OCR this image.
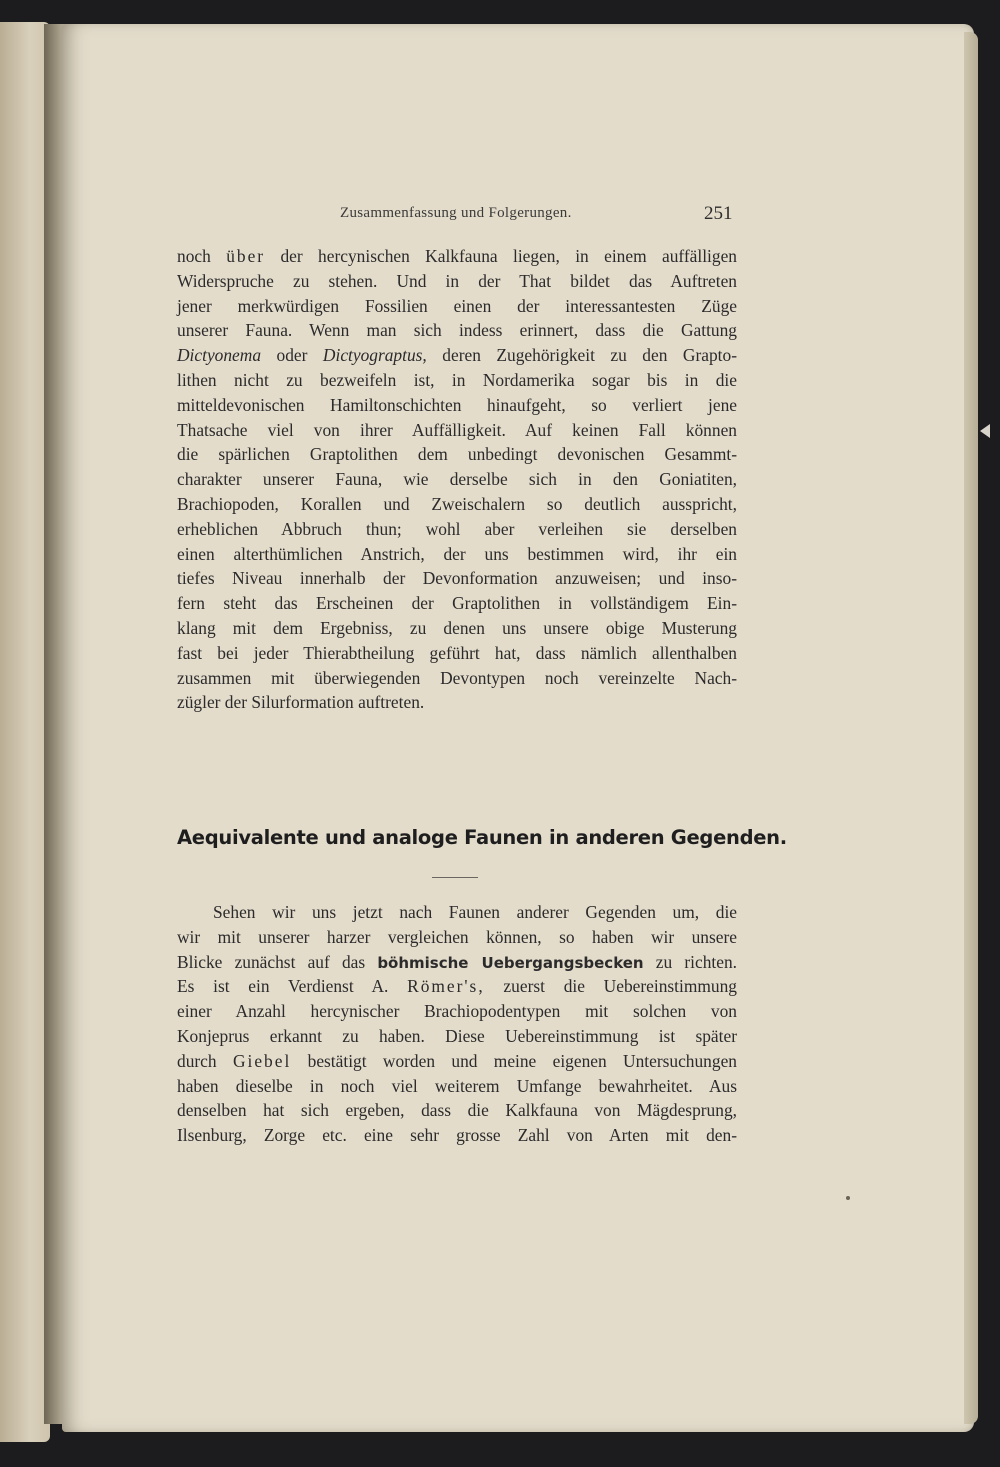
Zusammenfassung und Folgerungen.	251
noch über der hercynischen Kalkfauna liegen, in einem auffälligen
Widerspruche zu stehen. Und in der That bildet das Auftreten
jener merkwürdigen Fossilien einen der interessantesten Züge
unserer Fauna. Wenn man sich indess erinnert, dass die Gattung
Dictyonema oder Dictyograptus, deren Zugehörigkeit zu den Grapto-
lithen nicht zu bezweifeln ist, in Nordamerika sogar bis in die
mitteldevonischen Hamiltonschichten hinaufgeht, so verliert jene
Thatsache viel von ihrer Auffälligkeit. Auf keinen Fall können
die spärlichen Graptolithen dem unbedingt devonischen Gesammt-
charakter unserer Fauna, wie derselbe sich in den Goniatiten,
Brachiopoden, Korallen und Zweischalern so deutlich ausspricht,
erheblichen Abbruch thun; wohl aber verleihen sie derselben
einen alterthümlichen Anstrich, der uns bestimmen wird, ihr ein
tiefes Niveau innerhalb der Devonformation anzuweisen; und inso-
fern steht das Erscheinen der Graptolithen in vollständigem Ein-
klang mit dem Ergebniss, zu denen uns unsere obige Musterung
fast bei jeder Thierabtheilung geführt hat, dass nämlich allenthalben
zusammen mit überwiegenden Devontypen noch vereinzelte Nach-
zügler der Silurformation auftreten.
Aequivalente und analoge Faunen in anderen Gegenden.
Sehen wir uns jetzt nach Faunen anderer Gegenden um, die
wir mit unserer harzer vergleichen können, so haben wir unsere
Blicke zunächst auf das böhmische Uebergangsbecken zu richten.
Es ist ein Verdienst A. Römer's, zuerst die Uebereinstimmung
einer Anzahl hercynischer Brachiopodentypen mit solchen von
Konjeprus erkannt zu haben. Diese Uebereinstimmung ist später
durch Giebel bestätigt worden und meine eigenen Untersuchungen
haben dieselbe in noch viel weiterem Umfange bewahrheitet. Aus
denselben hat sich ergeben, dass die Kalkfauna von Mägdesprung,
Ilsenburg, Zorge etc. eine sehr grosse Zahl von Arten mit den-
